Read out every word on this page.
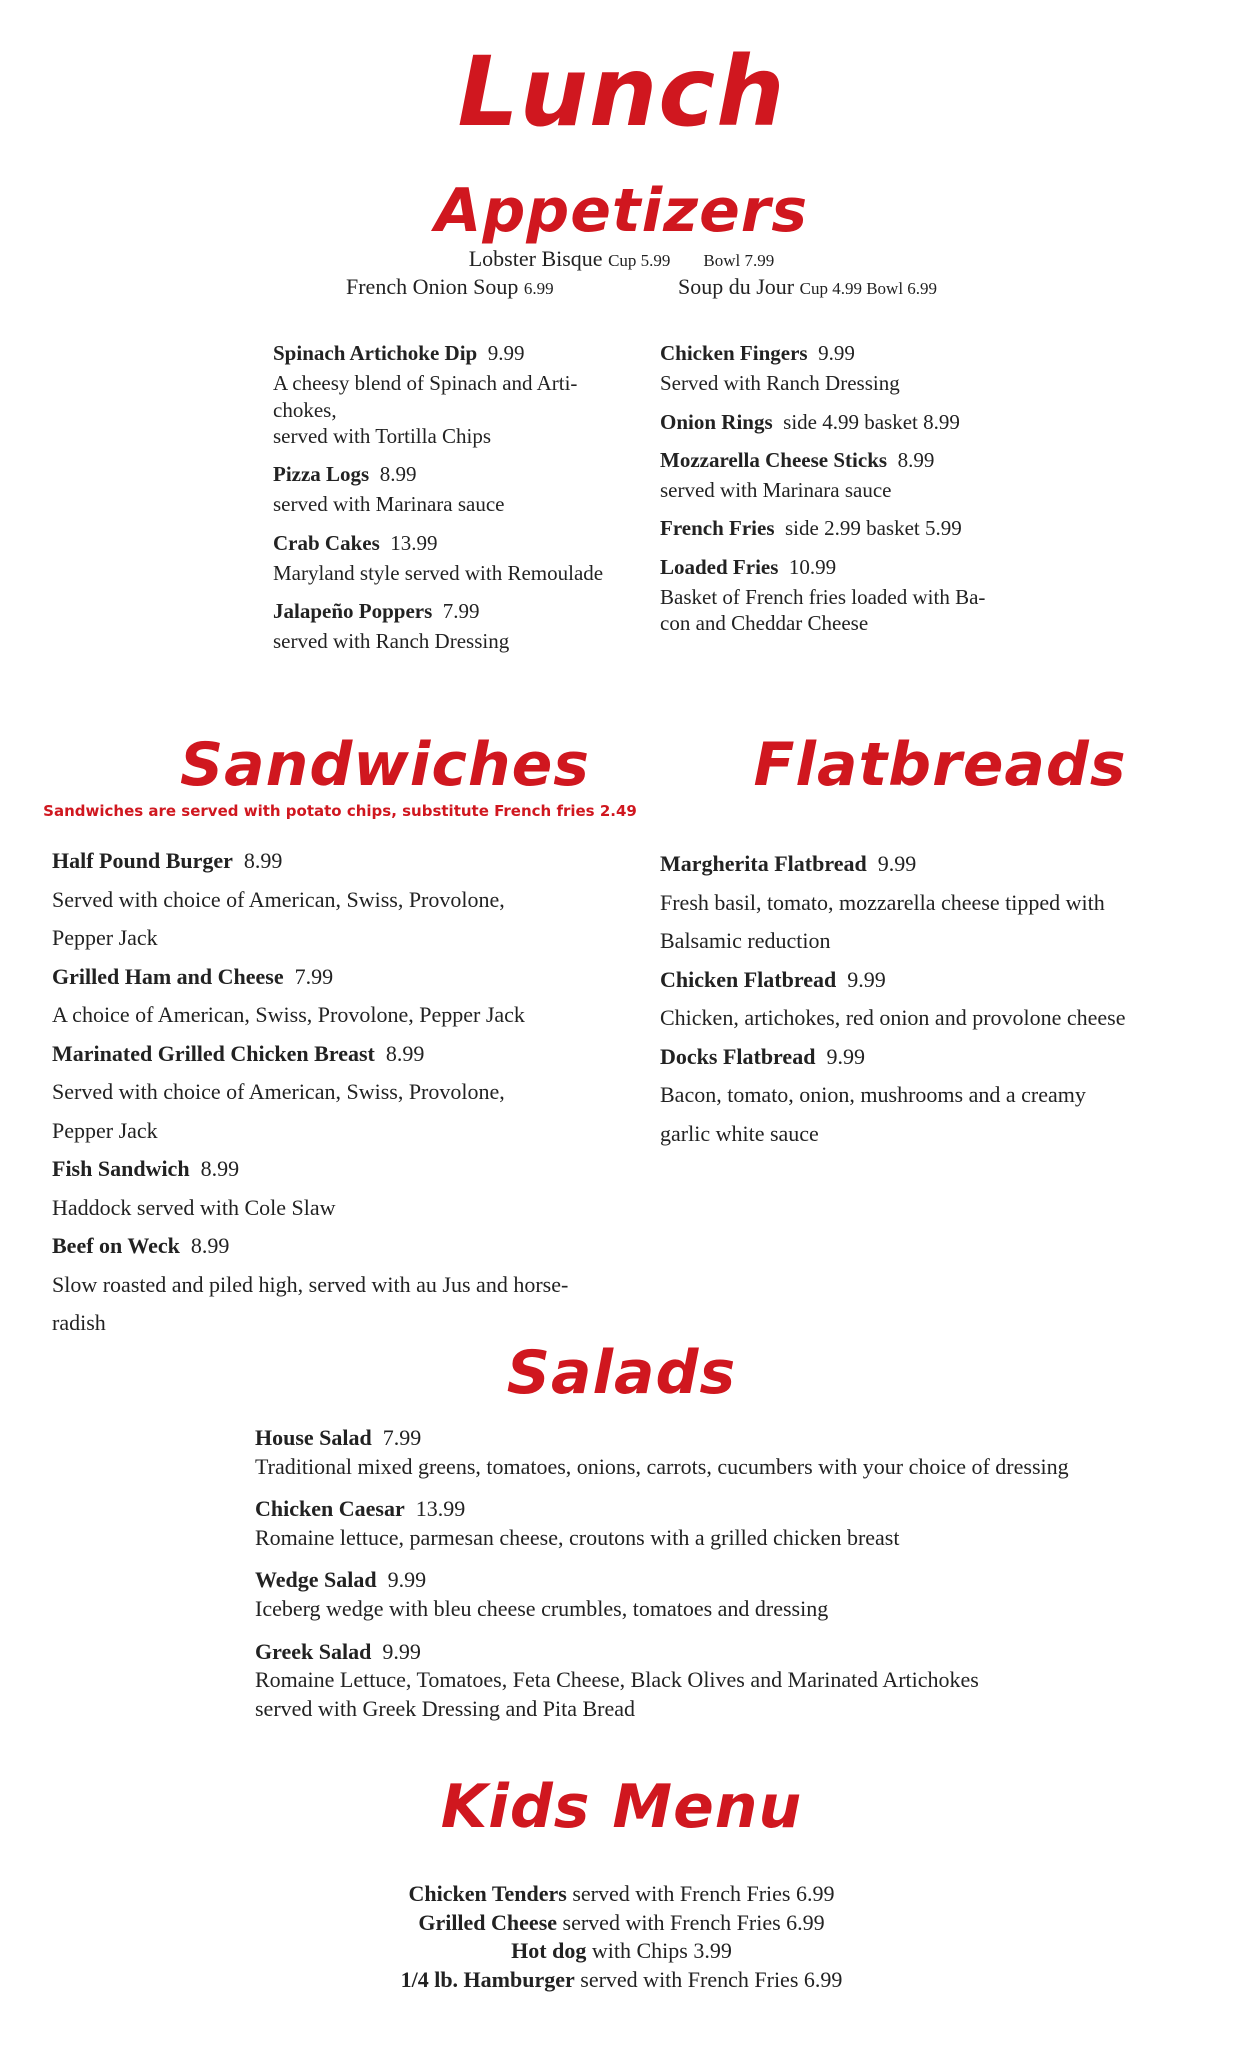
Lunch
Appetizers
Lobster Bisque Cup 5.99 Bowl 7.99
French Onion Soup 6.99	Soup du Jour Cup 4.99 Bowl 6.99
Spinach Artichoke Dip 9.99
A cheesy blend of Spinach and Arti-
chokes,
served with Tortilla Chips
Pizza Logs 8.99
served with Marinara sauce
Crab Cakes 13.99
Maryland style served with Remoulade
Jalapeño Poppers 7.99
served with Ranch Dressing
Chicken Fingers 9.99
Served with Ranch Dressing
Onion Rings side 4.99 basket 8.99
Mozzarella Cheese Sticks 8.99
served with Marinara sauce
French Fries side 2.99 basket 5.99
Loaded Fries 10.99
Basket of French fries loaded with Ba-
con and Cheddar Cheese
Sandwiches
Sandwiches are served with potato chips, substitute French fries 2.49
Half Pound Burger 8.99
Served with choice of American, Swiss, Provolone,
Pepper Jack
Grilled Ham and Cheese 7.99
A choice of American, Swiss, Provolone, Pepper Jack
Marinated Grilled Chicken Breast 8.99
Served with choice of American, Swiss, Provolone,
Pepper Jack
Fish Sandwich 8.99
Haddock served with Cole Slaw
Beef on Weck 8.99
Slow roasted and piled high, served with au Jus and horse-
radish
Flatbreads
Margherita Flatbread 9.99
Fresh basil, tomato, mozzarella cheese tipped with
Balsamic reduction
Chicken Flatbread 9.99
Chicken, artichokes, red onion and provolone cheese
Docks Flatbread 9.99
Bacon, tomato, onion, mushrooms and a creamy
garlic white sauce
Salads
House Salad 7.99
Traditional mixed greens, tomatoes, onions, carrots, cucumbers with your choice of dressing
Chicken Caesar 13.99
Romaine lettuce, parmesan cheese, croutons with a grilled chicken breast
Wedge Salad 9.99
Iceberg wedge with bleu cheese crumbles, tomatoes and dressing
Greek Salad 9.99
Romaine Lettuce, Tomatoes, Feta Cheese, Black Olives and Marinated Artichokes
served with Greek Dressing and Pita Bread
Kids Menu
Chicken Tenders served with French Fries 6.99
Grilled Cheese served with French Fries 6.99
Hot dog with Chips 3.99
1/4 lb. Hamburger served with French Fries 6.99
